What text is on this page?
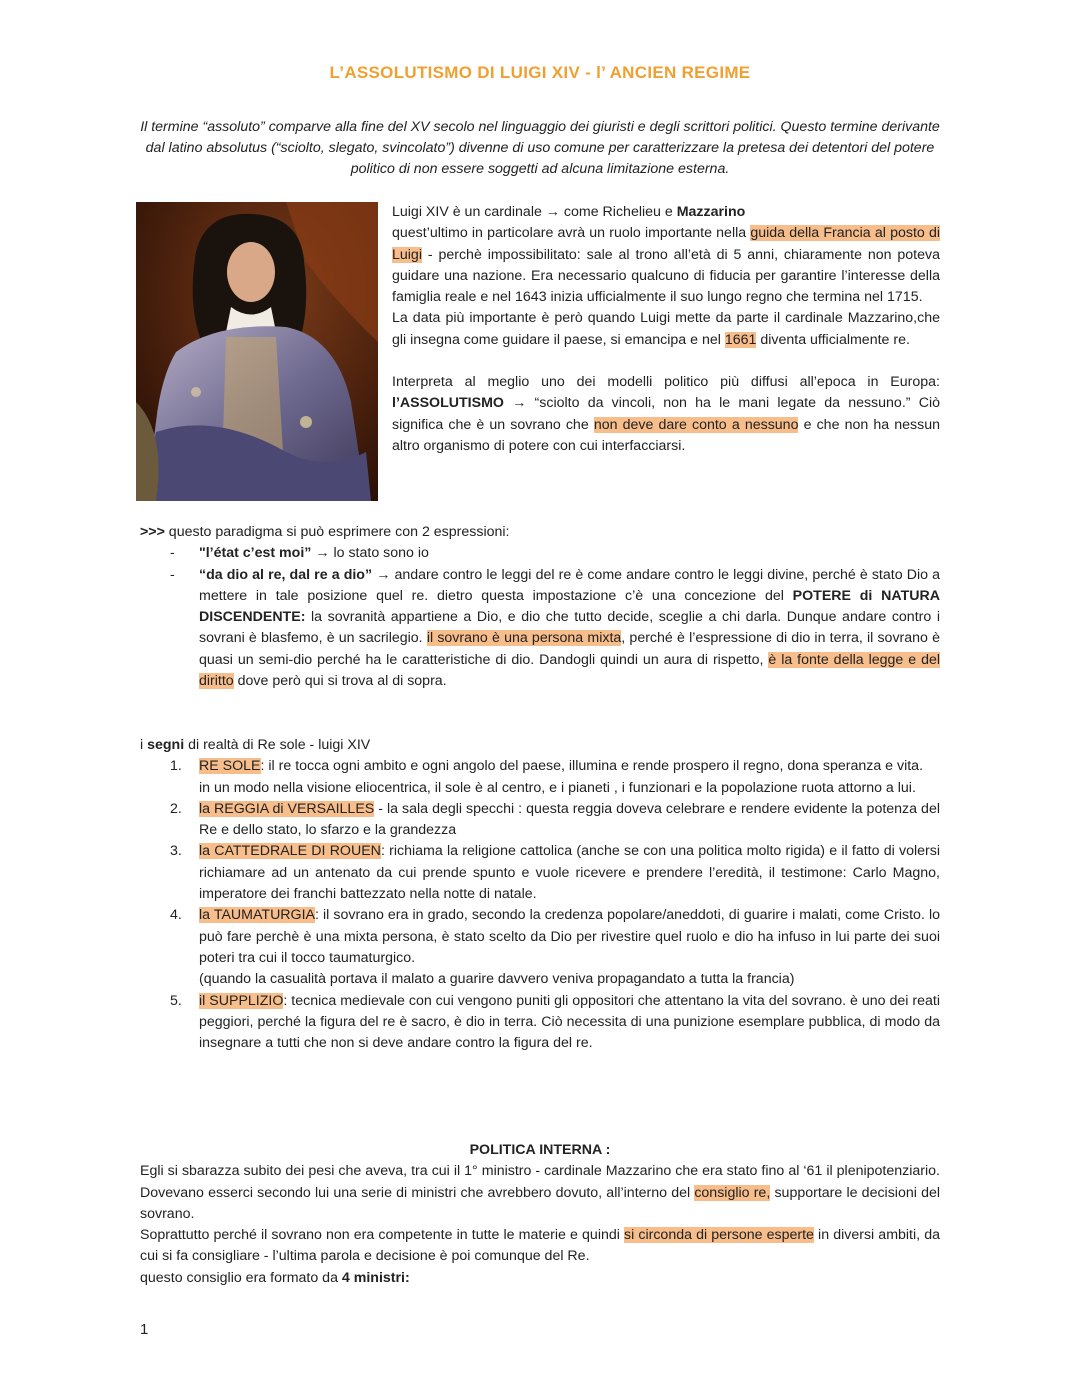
L’ASSOLUTISMO DI LUIGI XIV - l’ ANCIEN REGIME

Il termine “assoluto” comparve alla fine del XV secolo nel linguaggio dei giuristi e degli scrittori politici. Questo termine derivante dal latino absolutus (“sciolto, slegato, svincolato”) divenne di uso comune per caratterizzare la pretesa dei detentori del potere politico di non essere soggetti ad alcuna limitazione esterna.

Luigi XIV è un cardinale → come Richelieu e Mazzarino

quest’ultimo in particolare avrà un ruolo importante nella guida della Francia al posto di Luigi - perchè impossibilitato: sale al trono all’età di 5 anni, chiaramente non poteva guidare una nazione. Era necessario qualcuno di fiducia per garantire l’interesse della famiglia reale e nel 1643 inizia ufficialmente il suo lungo regno che termina nel 1715.

La data più importante è però quando Luigi mette da parte il cardinale Mazzarino,che gli insegna come guidare il paese, si emancipa e nel 1661 diventa ufficialmente re.

Interpreta al meglio uno dei modelli politico più diffusi all’epoca in Europa: l’ASSOLUTISMO → “sciolto da vincoli, non ha le mani legate da nessuno.” Ciò significa che è un sovrano che non deve dare conto a nessuno e che non ha nessun altro organismo di potere con cui interfacciarsi.

>>> questo paradigma si può esprimere con 2 espressioni:

- "l’état c’est moi” → lo stato sono io
- “da dio al re, dal re a dio” → andare contro le leggi del re è come andare contro le leggi divine, perché è stato Dio a mettere in tale posizione quel re. dietro questa impostazione c’è una concezione del POTERE di NATURA DISCENDENTE: la sovranità appartiene a Dio, e dio che tutto decide, sceglie a chi darla. Dunque andare contro i sovrani è blasfemo, è un sacrilegio. il sovrano è una persona mixta, perché è l’espressione di dio in terra, il sovrano è quasi un semi-dio perché ha le caratteristiche di dio. Dandogli quindi un aura di rispetto, è la fonte della legge e del diritto dove però qui si trova al di sopra.

i segni di realtà di Re sole - luigi XIV

1. RE SOLE: il re tocca ogni ambito e ogni angolo del paese, illumina e rende prospero il regno, dona speranza e vita.
in un modo nella visione eliocentrica, il sole è al centro, e i pianeti , i funzionari e la popolazione ruota attorno a lui.
2. la REGGIA di VERSAILLES - la sala degli specchi : questa reggia doveva celebrare e rendere evidente la potenza del Re e dello stato, lo sfarzo e la grandezza
3. la CATTEDRALE DI ROUEN: richiama la religione cattolica (anche se con una politica molto rigida) e il fatto di volersi richiamare ad un antenato da cui prende spunto e vuole ricevere e prendere l’eredità, il testimone: Carlo Magno, imperatore dei franchi battezzato nella notte di natale.
4. la TAUMATURGIA: il sovrano era in grado, secondo la credenza popolare/aneddoti, di guarire i malati, come Cristo. lo può fare perchè è una mixta persona, è stato scelto da Dio per rivestire quel ruolo e dio ha infuso in lui parte dei suoi poteri tra cui il tocco taumaturgico.
(quando la casualità portava il malato a guarire davvero veniva propagandato a tutta la francia)
5. il SUPPLIZIO: tecnica medievale con cui vengono puniti gli oppositori che attentano la vita del sovrano. è uno dei reati peggiori, perché la figura del re è sacro, è dio in terra. Ciò necessita di una punizione esemplare pubblica, di modo da insegnare a tutti che non si deve andare contro la figura del re.

POLITICA INTERNA :

Egli si sbarazza subito dei pesi che aveva, tra cui il 1° ministro - cardinale Mazzarino che era stato fino al ‘61 il plenipotenziario. Dovevano esserci secondo lui una serie di ministri che avrebbero dovuto, all’interno del consiglio re, supportare le decisioni del sovrano.

Soprattutto perché il sovrano non era competente in tutte le materie e quindi si circonda di persone esperte in diversi ambiti, da cui si fa consigliare - l’ultima parola e decisione è poi comunque del Re.

questo consiglio era formato da 4 ministri:

1
